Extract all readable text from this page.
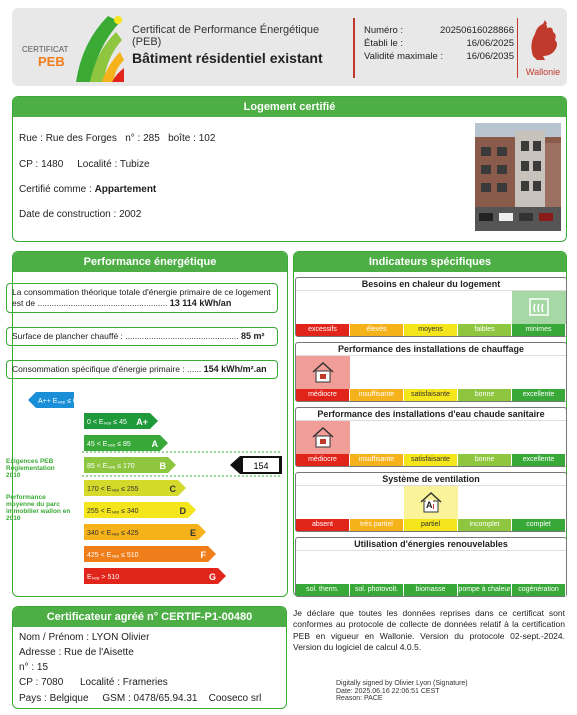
CERTIFICAT
PEB
Certificat de Performance Énergétique (PEB)
Bâtiment résidentiel existant
Numéro :	20250616028866
Établi le :	16/06/2025
Validité maximale : 16/06/2035
Wallonie
Logement certifié
Rue : Rue des Forges n° : 285 boîte : 102
CP : 1480 Localité : Tubize
Certifié comme : Appartement
Date de construction : 2002
Performance énergétique
La consommation théorique totale d'énergie primaire de ce logement est de ....................................................... 13 114 kWh/an
Surface de plancher chauffé : ................................................ 85 m²
Consommation spécifique d'énergie primaire : ...... 154 kWh/m².an
A++ Eₛₑₑ ≤ 0
0 < Eₛₑₑ ≤ 45 A+
45 < Eₛₑₑ ≤ 85 A
85 < Eₛₑₑ ≤ 170	B
170 < Eₛₑₑ ≤ 255	C
255 < Eₛₑₑ ≤ 340	D
340 < Eₛₑₑ ≤ 425	E
425 < Eₛₑₑ ≤ 510	F
Eₛₑₑ > 510	G
154
Exigences PEB Réglementation 2010
Performance moyenne du parc immobilier wallon en 2010
Indicateurs spécifiques
Besoins en chaleur du logement
excessifs	élevés	moyens	faibles	minimes
Performance des installations de chauffage
médiocre	insuffisante	satisfaisante	bonne	excellente
Performance des installations d'eau chaude sanitaire
médiocre	insuffisante	satisfaisante	bonne	excellente
Système de ventilation
A
absent	très partiel	partiel	incomplet	complet
Utilisation d'énergies renouvelables
sol. therm.	sol. photovolt.	biomasse	pompe à chaleur	cogénération
Certificateur agréé n° CERTIF-P1-00480
Nom / Prénom : LYON Olivier
Adresse : Rue de l'Aisette
n° : 15
CP : 7080 Localité : Frameries
Pays : Belgique GSM : 0478/65.94.31 Cooseco srl
Je déclare que toutes les données reprises dans ce certificat sont conformes au protocole de collecte de données relatif à la certification PEB en vigueur en Wallonie. Version du protocole 02-sept.-2024. Version du logiciel de calcul 4.0.5.
Digitally signed by Olivier Lyon (Signature)
Date: 2025.06.16 22:06:51 CEST
Reason: PACE
